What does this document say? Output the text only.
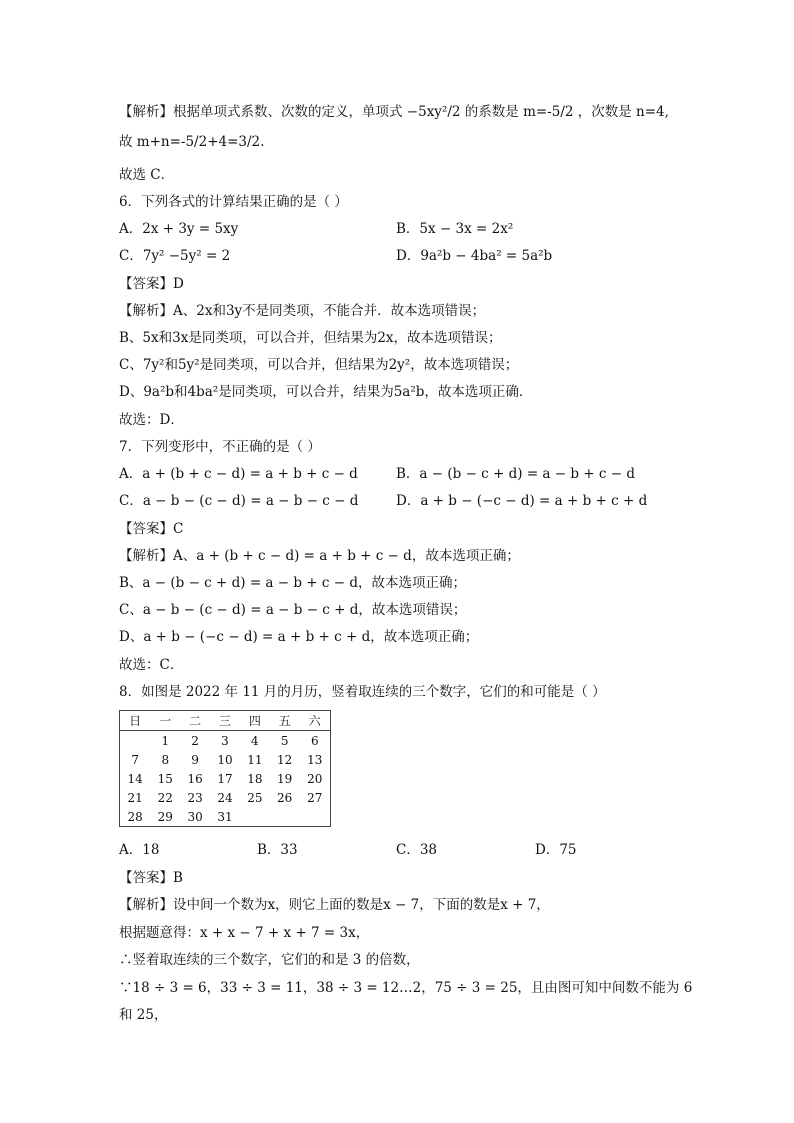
【解析】根据单项式系数、次数的定义，单项式 −5xy²/2 的系数是 m=-5/2 ，次数是 n=4,
故 m+n=-5/2+4=3/2.
故选 C．
6．下列各式的计算结果正确的是（ ）
A．2x + 3y = 5xy	B．5x − 3x = 2x²
C．7y² −5y² = 2	D．9a²b − 4ba² = 5a²b
【答案】D
【解析】A、2x和3y不是同类项，不能合并．故本选项错误；
B、5x和3x是同类项，可以合并，但结果为2x，故本选项错误；
C、7y²和5y²是同类项，可以合并，但结果为2y²，故本选项错误；
D、9a²b和4ba²是同类项，可以合并，结果为5a²b，故本选项正确．
故选：D．
7．下列变形中，不正确的是（ ）
A．a + (b + c − d) = a + b + c − d	B．a − (b − c + d) = a − b + c − d
C．a − b − (c − d) = a − b − c − d	D．a + b − (−c − d) = a + b + c + d
【答案】C
【解析】A、a + (b + c − d) = a + b + c − d，故本选项正确；
B、a − (b − c + d) = a − b + c − d，故本选项正确；
C、a − b − (c − d) = a − b − c + d，故本选项错误；
D、a + b − (−c − d) = a + b + c + d，故本选项正确；
故选：C．
8．如图是 2022 年 11 月的月历，竖着取连续的三个数字，它们的和可能是（ ）
日	一	二	三	四	五	六
	1	2	3	4	5	6
7	8	9	10	11	12	13
14	15	16	17	18	19	20
21	22	23	24	25	26	27
28	29	30	31			
A．18	B．33	C．38	D．75
【答案】B
【解析】设中间一个数为x，则它上面的数是x − 7，下面的数是x + 7，
根据题意得：x + x − 7 + x + 7 = 3x，
∴竖着取连续的三个数字，它们的和是 3 的倍数，
∵18 ÷ 3 = 6，33 ÷ 3 = 11，38 ÷ 3 = 12…2，75 ÷ 3 = 25，且由图可知中间数不能为 6
和 25，
